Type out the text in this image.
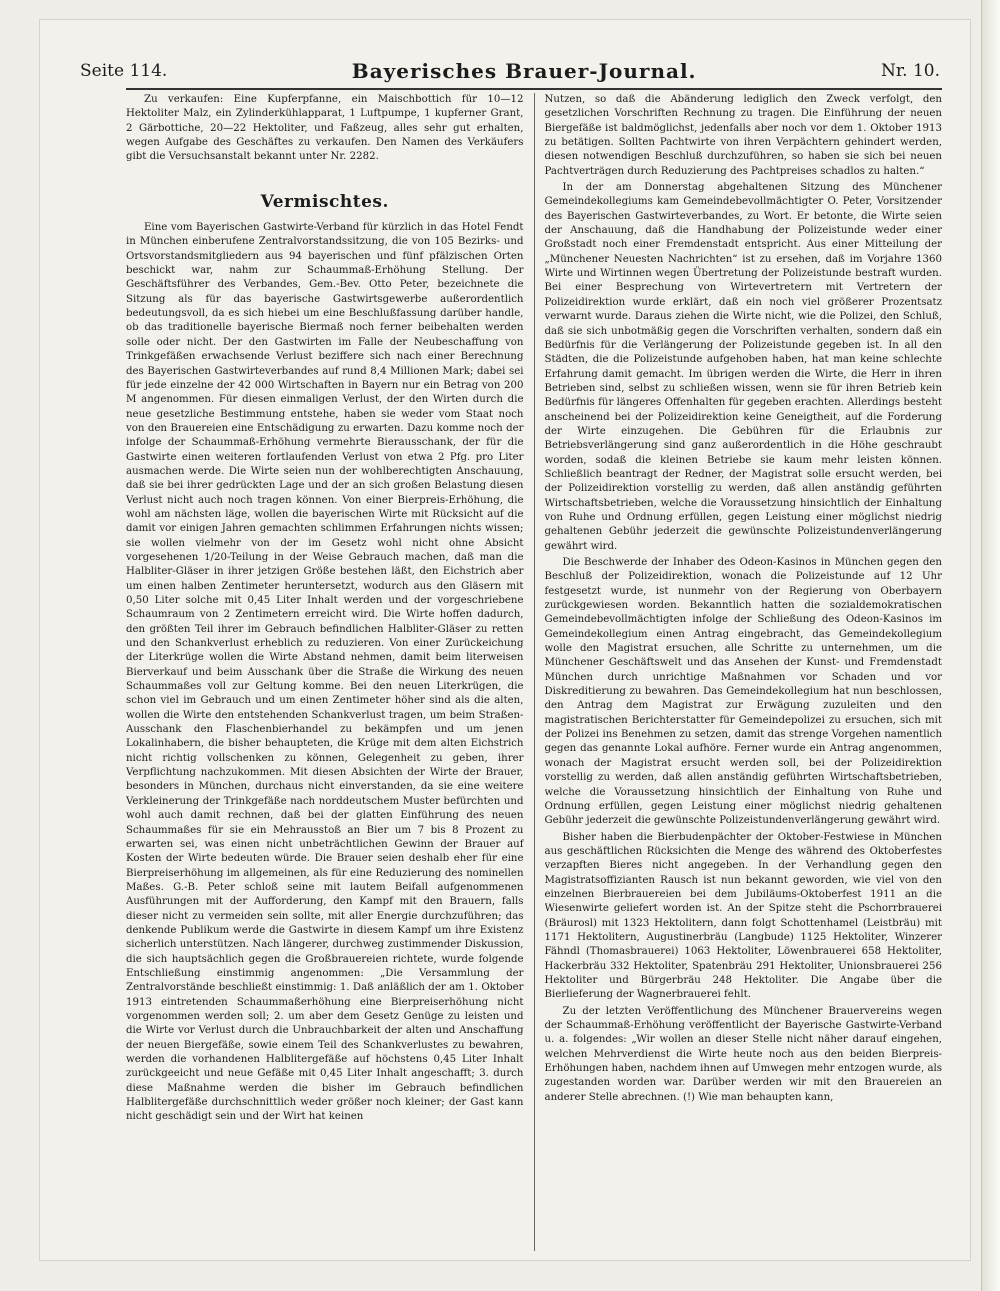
Seite 114.	Bayerisches Brauer-Journal.	Nr. 10.

Zu verkaufen: Eine Kupferpfanne, ein Maischbottich für 10—12 Hektoliter Malz, ein Zylinderkühlapparat, 1 Luftpumpe, 1 kupferner Grant, 2 Gärbottiche, 20—22 Hektoliter, und Faßzeug, alles sehr gut erhalten, wegen Aufgabe des Geschäftes zu verkaufen. Den Namen des Verkäufers gibt die Versuchsanstalt bekannt unter Nr. 2282.

Vermischtes.

Eine vom Bayerischen Gastwirte-Verband für kürzlich in das Hotel Fendt in München einberufene Zentralvorstandssitzung, die von 105 Bezirks- und Ortsvorstandsmitgliedern aus 94 bayerischen und fünf pfälzischen Orten beschickt war, nahm zur Schaummaß-Erhöhung Stellung. Der Geschäftsführer des Verbandes, Gem.-Bev. Otto Peter, bezeichnete die Sitzung als für das bayerische Gastwirtsgewerbe außerordentlich bedeutungsvoll, da es sich hiebei um eine Beschlußfassung darüber handle, ob das traditionelle bayerische Biermaß noch ferner beibehalten werden solle oder nicht. Der den Gastwirten im Falle der Neubeschaffung von Trinkgefäßen erwachsende Verlust beziffere sich nach einer Berechnung des Bayerischen Gastwirteverbandes auf rund 8,4 Millionen Mark; dabei sei für jede einzelne der 42 000 Wirtschaften in Bayern nur ein Betrag von 200 M angenommen. Für diesen einmaligen Verlust, der den Wirten durch die neue gesetzliche Bestimmung entstehe, haben sie weder vom Staat noch von den Brauereien eine Entschädigung zu erwarten. Dazu komme noch der infolge der Schaummaß-Erhöhung vermehrte Bierausschank, der für die Gastwirte einen weiteren fortlaufenden Verlust von etwa 2 Pfg. pro Liter ausmachen werde. Die Wirte seien nun der wohlberechtigten Anschauung, daß sie bei ihrer gedrückten Lage und der an sich großen Belastung diesen Verlust nicht auch noch tragen können. Von einer Bierpreis-Erhöhung, die wohl am nächsten läge, wollen die bayerischen Wirte mit Rücksicht auf die damit vor einigen Jahren gemachten schlimmen Erfahrungen nichts wissen; sie wollen vielmehr von der im Gesetz wohl nicht ohne Absicht vorgesehenen 1/20-Teilung in der Weise Gebrauch machen, daß man die Halbliter-Gläser in ihrer jetzigen Größe bestehen läßt, den Eichstrich aber um einen halben Zentimeter heruntersetzt, wodurch aus den Gläsern mit 0,50 Liter solche mit 0,45 Liter Inhalt werden und der vorgeschriebene Schaumraum von 2 Zentimetern erreicht wird. Die Wirte hoffen dadurch, den größten Teil ihrer im Gebrauch befindlichen Halbliter-Gläser zu retten und den Schankverlust erheblich zu reduzieren. Von einer Zurückeichung der Literkrüge wollen die Wirte Abstand nehmen, damit beim literweisen Bierverkauf und beim Ausschank über die Straße die Wirkung des neuen Schaummaßes voll zur Geltung komme. Bei den neuen Literkrügen, die schon viel im Gebrauch und um einen Zentimeter höher sind als die alten, wollen die Wirte den entstehenden Schankverlust tragen, um beim Straßen-Ausschank den Flaschenbierhandel zu bekämpfen und um jenen Lokalinhabern, die bisher behaupteten, die Krüge mit dem alten Eichstrich nicht richtig vollschenken zu können, Gelegenheit zu geben, ihrer Verpflichtung nachzukommen. Mit diesen Absichten der Wirte der Brauer, besonders in München, durchaus nicht einverstanden, da sie eine weitere Verkleinerung der Trinkgefäße nach norddeutschem Muster befürchten und wohl auch damit rechnen, daß bei der glatten Einführung des neuen Schaummaßes für sie ein Mehrausstoß an Bier um 7 bis 8 Prozent zu erwarten sei, was einen nicht unbeträchtlichen Gewinn der Brauer auf Kosten der Wirte bedeuten würde. Die Brauer seien deshalb eher für eine Bierpreiserhöhung im allgemeinen, als für eine Reduzierung des nominellen Maßes. G.-B. Peter schloß seine mit lautem Beifall aufgenommenen Ausführungen mit der Aufforderung, den Kampf mit den Brauern, falls dieser nicht zu vermeiden sein sollte, mit aller Energie durchzuführen; das denkende Publikum werde die Gastwirte in diesem Kampf um ihre Existenz sicherlich unterstützen. Nach längerer, durchweg zustimmender Diskussion, die sich hauptsächlich gegen die Großbrauereien richtete, wurde folgende Entschließung einstimmig angenommen: „Die Versammlung der Zentralvorstände beschließt einstimmig: 1. Daß anläßlich der am 1. Oktober 1913 eintretenden Schaummaßerhöhung eine Bierpreiserhöhung nicht vorgenommen werden soll; 2. um aber dem Gesetz Genüge zu leisten und die Wirte vor Verlust durch die Unbrauchbarkeit der alten und Anschaffung der neuen Biergefäße, sowie einem Teil des Schankverlustes zu bewahren, werden die vorhandenen Halblitergefäße auf höchstens 0,45 Liter Inhalt zurückgeeicht und neue Gefäße mit 0,45 Liter Inhalt angeschafft; 3. durch diese Maßnahme werden die bisher im Gebrauch befindlichen Halblitergefäße durchschnittlich weder größer noch kleiner; der Gast kann nicht geschädigt sein und der Wirt hat keinen

Nutzen, so daß die Abänderung lediglich den Zweck verfolgt, den gesetzlichen Vorschriften Rechnung zu tragen. Die Einführung der neuen Biergefäße ist baldmöglichst, jedenfalls aber noch vor dem 1. Oktober 1913 zu betätigen. Sollten Pachtwirte von ihren Verpächtern gehindert werden, diesen notwendigen Beschluß durchzuführen, so haben sie sich bei neuen Pachtverträgen durch Reduzierung des Pachtpreises schadlos zu halten.“

In der am Donnerstag abgehaltenen Sitzung des Münchener Gemeindekollegiums kam Gemeindebevollmächtigter O. Peter, Vorsitzender des Bayerischen Gastwirteverbandes, zu Wort. Er betonte, die Wirte seien der Anschauung, daß die Handhabung der Polizeistunde weder einer Großstadt noch einer Fremdenstadt entspricht. Aus einer Mitteilung der „Münchener Neuesten Nachrichten“ ist zu ersehen, daß im Vorjahre 1360 Wirte und Wirtinnen wegen Übertretung der Polizeistunde bestraft wurden. Bei einer Besprechung von Wirtevertretern mit Vertretern der Polizeidirektion wurde erklärt, daß ein noch viel größerer Prozentsatz verwarnt wurde. Daraus ziehen die Wirte nicht, wie die Polizei, den Schluß, daß sie sich unbotmäßig gegen die Vorschriften verhalten, sondern daß ein Bedürfnis für die Verlängerung der Polizeistunde gegeben ist. In all den Städten, die die Polizeistunde aufgehoben haben, hat man keine schlechte Erfahrung damit gemacht. Im übrigen werden die Wirte, die Herr in ihren Betrieben sind, selbst zu schließen wissen, wenn sie für ihren Betrieb kein Bedürfnis für längeres Offenhalten für gegeben erachten. Allerdings besteht anscheinend bei der Polizeidirektion keine Geneigtheit, auf die Forderung der Wirte einzugehen. Die Gebühren für die Erlaubnis zur Betriebsverlängerung sind ganz außerordentlich in die Höhe geschraubt worden, sodaß die kleinen Betriebe sie kaum mehr leisten können. Schließlich beantragt der Redner, der Magistrat solle ersucht werden, bei der Polizeidirektion vorstellig zu werden, daß allen anständig geführten Wirtschaftsbetrieben, welche die Voraussetzung hinsichtlich der Einhaltung von Ruhe und Ordnung erfüllen, gegen Leistung einer möglichst niedrig gehaltenen Gebühr jederzeit die gewünschte Polizeistundenverlängerung gewährt wird.

Die Beschwerde der Inhaber des Odeon-Kasinos in München gegen den Beschluß der Polizeidirektion, wonach die Polizeistunde auf 12 Uhr festgesetzt wurde, ist nunmehr von der Regierung von Oberbayern zurückgewiesen worden. Bekanntlich hatten die sozialdemokratischen Gemeindebevollmächtigten infolge der Schließung des Odeon-Kasinos im Gemeindekollegium einen Antrag eingebracht, das Gemeindekollegium wolle den Magistrat ersuchen, alle Schritte zu unternehmen, um die Münchener Geschäftswelt und das Ansehen der Kunst- und Fremdenstadt München durch unrichtige Maßnahmen vor Schaden und vor Diskreditierung zu bewahren. Das Gemeindekollegium hat nun beschlossen, den Antrag dem Magistrat zur Erwägung zuzuleiten und den magistratischen Berichterstatter für Gemeindepolizei zu ersuchen, sich mit der Polizei ins Benehmen zu setzen, damit das strenge Vorgehen namentlich gegen das genannte Lokal aufhöre. Ferner wurde ein Antrag angenommen, wonach der Magistrat ersucht werden soll, bei der Polizeidirektion vorstellig zu werden, daß allen anständig geführten Wirtschaftsbetrieben, welche die Voraussetzung hinsichtlich der Einhaltung von Ruhe und Ordnung erfüllen, gegen Leistung einer möglichst niedrig gehaltenen Gebühr jederzeit die gewünschte Polizeistundenverlängerung gewährt wird.

Bisher haben die Bierbudenpächter der Oktober-Festwiese in München aus geschäftlichen Rücksichten die Menge des während des Oktoberfestes verzapften Bieres nicht angegeben. In der Verhandlung gegen den Magistratsoffizianten Rausch ist nun bekannt geworden, wie viel von den einzelnen Bierbrauereien bei dem Jubiläums-Oktoberfest 1911 an die Wiesenwirte geliefert worden ist. An der Spitze steht die Pschorrbrauerei (Bräurosl) mit 1323 Hektolitern, dann folgt Schottenhamel (Leistbräu) mit 1171 Hektolitern, Augustinerbräu (Langbude) 1125 Hektoliter, Winzerer Fähndl (Thomasbrauerei) 1063 Hektoliter, Löwenbrauerei 658 Hektoliter, Hackerbräu 332 Hektoliter, Spatenbräu 291 Hektoliter, Unionsbrauerei 256 Hektoliter und Bürgerbräu 248 Hektoliter. Die Angabe über die Bierlieferung der Wagnerbrauerei fehlt.

Zu der letzten Veröffentlichung des Münchener Brauervereins wegen der Schaummaß-Erhöhung veröffentlicht der Bayerische Gastwirte-Verband u. a. folgendes: „Wir wollen an dieser Stelle nicht näher darauf eingehen, welchen Mehrverdienst die Wirte heute noch aus den beiden Bierpreis-Erhöhungen haben, nachdem ihnen auf Umwegen mehr entzogen wurde, als zugestanden worden war. Darüber werden wir mit den Brauereien an anderer Stelle abrechnen. (!) Wie man behaupten kann,
